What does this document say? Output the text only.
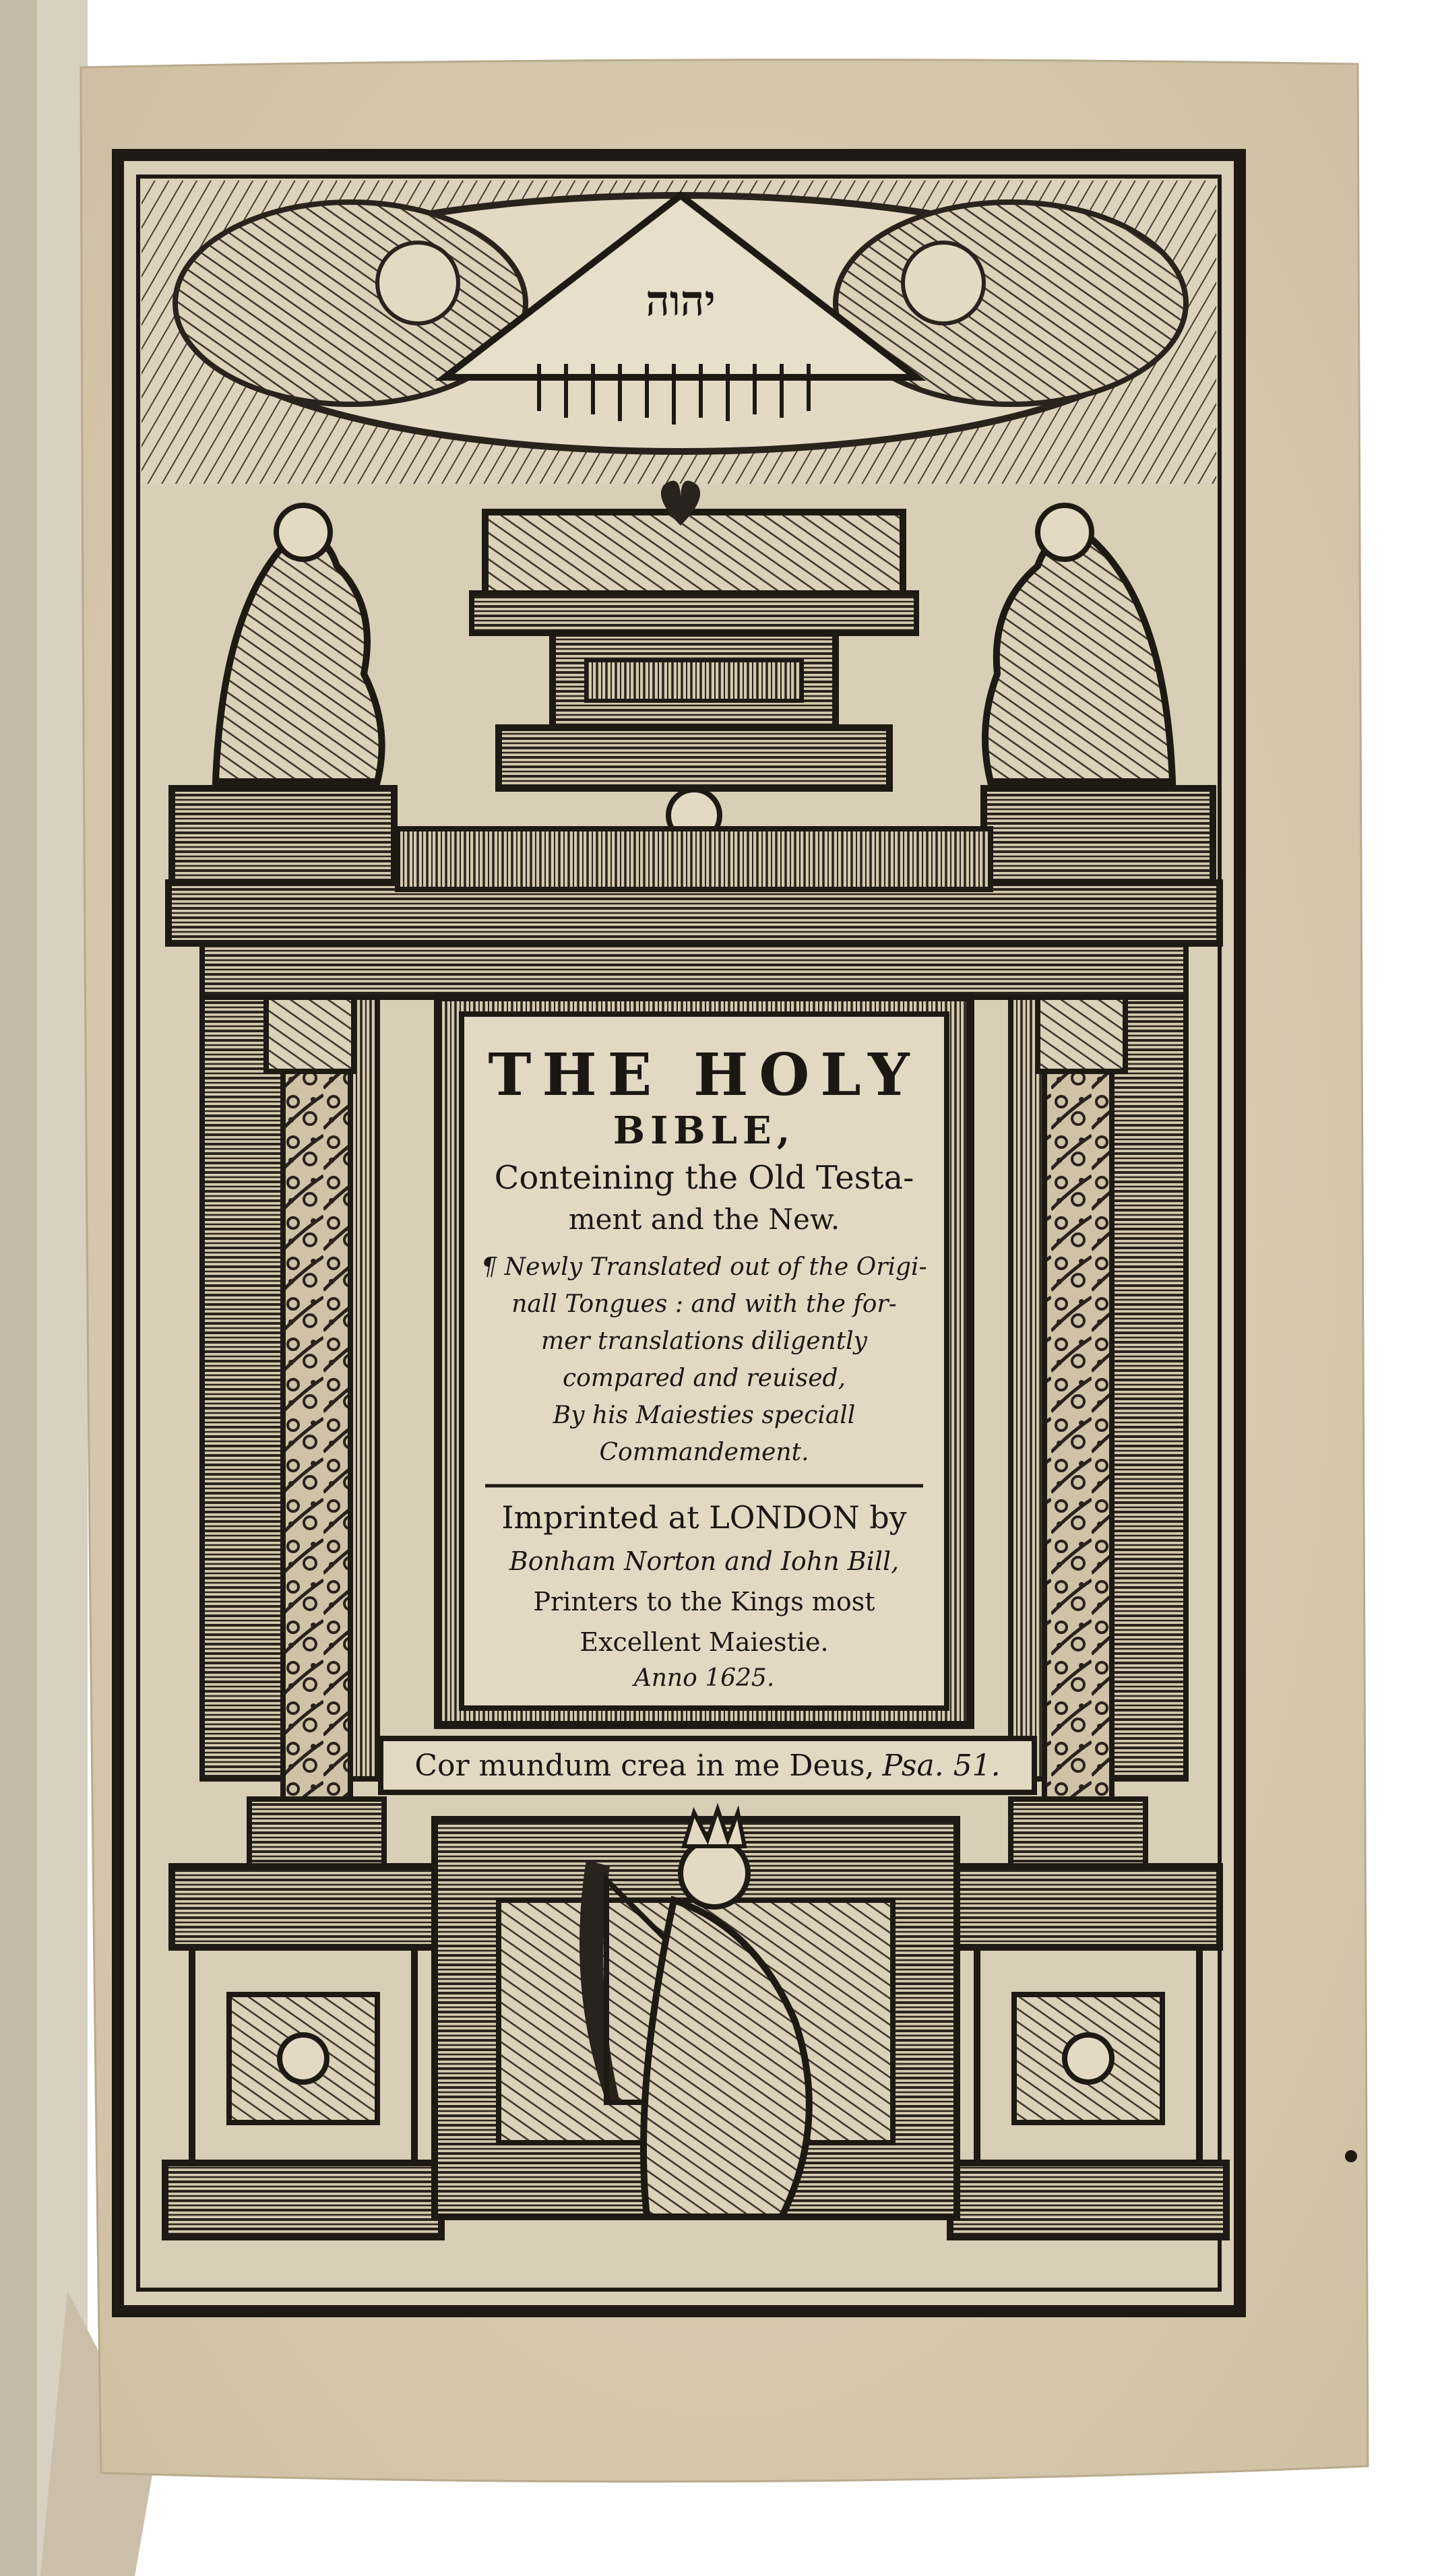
THE HOLY
BIBLE,
Conteining the Old Testa-
ment and the New.
¶ Newly Translated out of the Origi-
nall Tongues : and with the for-
mer translations diligently
compared and reuised,
By his Maiesties speciall
Commandement.
Imprinted at LONDON by
Bonham Norton and Iohn Bill,
Printers to the Kings most
Excellent Maiestie.
Anno 1625.
יהוה
Cor mundum crea in me Deus, Psa. 51.
